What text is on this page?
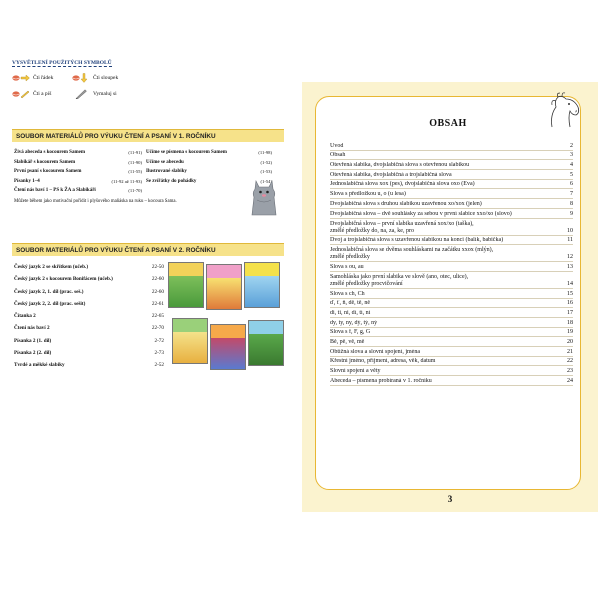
VYSVĚTLENÍ POUŽITÝCH SYMBOLŮ
Čti řádek	Čti sloupek
Čti a piš	Vymaluj si
SOUBOR MATERIÁLŮ PRO VÝUKU ČTENÍ A PSANÍ V 1. ROČNÍKU
Živá abeceda s kocourem Samem	(11-91)
Slabikář s kocourem Samem	(11-90)
První psaní s kocourem Samem	(11-55)
Písanky 1–4	(11-92 až 11-93)
Čtení nás baví 1 – PS k ŽA a Slabikáři	(11-70)
Učíme se písmena s kocourem Samem	(11-98)
Učíme se abecedu	(1-52)
Ilustrované slabiky	(1-53)
Se zvířátky do pohádky	(1-54)
Můžete během jako motivační pořídit i plyšového maňáska na ruku – kocoura Sama.
SOUBOR MATERIÁLŮ PRO VÝUKU ČTENÍ A PSANÍ V 2. ROČNÍKU
Český jazyk 2 se skřítkem (učeb.)	22-50
Český jazyk 2 s kocourem Bonifácem (učeb.)	22-60
Český jazyk 2, 1. díl (prac. seš.)	22-60
Český jazyk 2, 2. díl (prac. sešit)	22-61
Čítanka 2	22-65
Čtení nás baví 2	22-70
Písanka 2 (1. díl)	2-72
Písanka 2 (2. díl)	2-73
Tvrdé a měkké slabiky	2-52
OBSAH
Úvod	2
Obsah	3
Otevřená slabika, dvojslabičná slova s otevřenou slabikou	4
Otevřená slabika, dvojslabičná a trojslabičná slova	5
Jednoslabičná slova xox (pes), dvojslabičná slova oxo (Eva)	6
Slova s předložkou u, o (u lesa)	7
Dvojslabičná slova s druhou slabikou uzavřenou xo/xox (jelen)	8
Dvojslabičná slova – dvě souhlásky za sebou v první slabice xxo/xo (slovo)	9
Dvojslabičná slova – první slabika uzavřená xox/xo (taška),
změlé předložky do, na, za, ke, pro	10
Dvoj a trojslabičná slova s uzavřenou slabikou na konci (balík, babička)	11
Jednoslabičná slova se dvěma souhláskami na začátku xxox (mlýn),
změlé předložky	12
Slova s ou, au	13
Samohláska jako první slabika ve slově (ano, otec, ulice),
změlé předložky procvičování	14
Slova s ch, Ch	15
ď, ť, ň, dě, tě, ně	16
di, ti, ni, dí, tí, ní	17
dy, ty, ny, dý, tý, ný	18
Slova s f, F, g, G	19
Bě, pě, vě, mě	20
Obtížná slova a slovní spojení, jména	21
Křestní jméno, příjmení, adresa, věk, datum	22
Slovní spojení a věty	23
Abeceda – písmena probíraná v 1. ročníku	24
3
